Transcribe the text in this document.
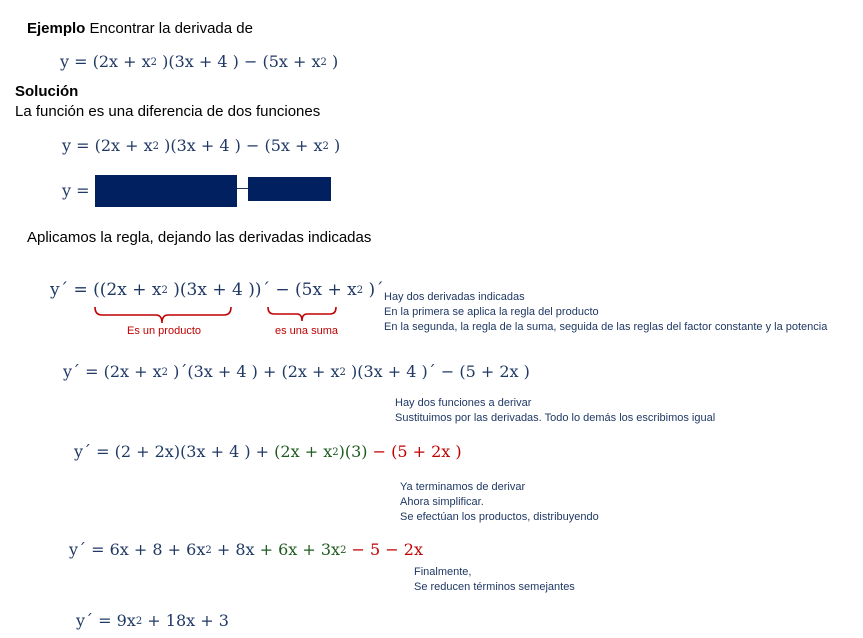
Ejemplo Encontrar la derivada de
$y = (2x + x^2$ )(3x + 4 ) − ($5x + x^2$ )
Solución
La función es una diferencia de dos funciones
$y = (2x + x^2$ )(3x + 4 ) − ($5x + x^2$ )
y =
Aplicamos la regla, dejando las derivadas indicadas
y´ = (($2x + x^2$ )(3x + 4 ))´ − ($5x + x^2$ )´
Es un producto	es una suma
Hay dos derivadas indicadas
En la primera se aplica la regla del producto
En la segunda, la regla de la suma, seguida de las reglas del factor constante y la potencia
y´ = ($2x + x^2$ )´(3x + 4 ) + ($2x + x^2$ )(3x + 4 )´ − (5 + 2x )
Hay dos funciones a derivar
Sustituimos por las derivadas. Todo lo demás los escribimos igual
y´ = (2 + 2x)(3x + 4 ) + $(2x + x^2)(3) - (5 + 2x$ )
Ya terminamos de derivar
Ahora simplificar.
Se efectúan los productos, distribuyendo
y´ = $6x + 8 + 6x^2 + 8x + 6x + 3x^2 - 5 - 2x$
Finalmente,
Se reducen términos semejantes
y´ = $9x^2 + 18x + 3$
